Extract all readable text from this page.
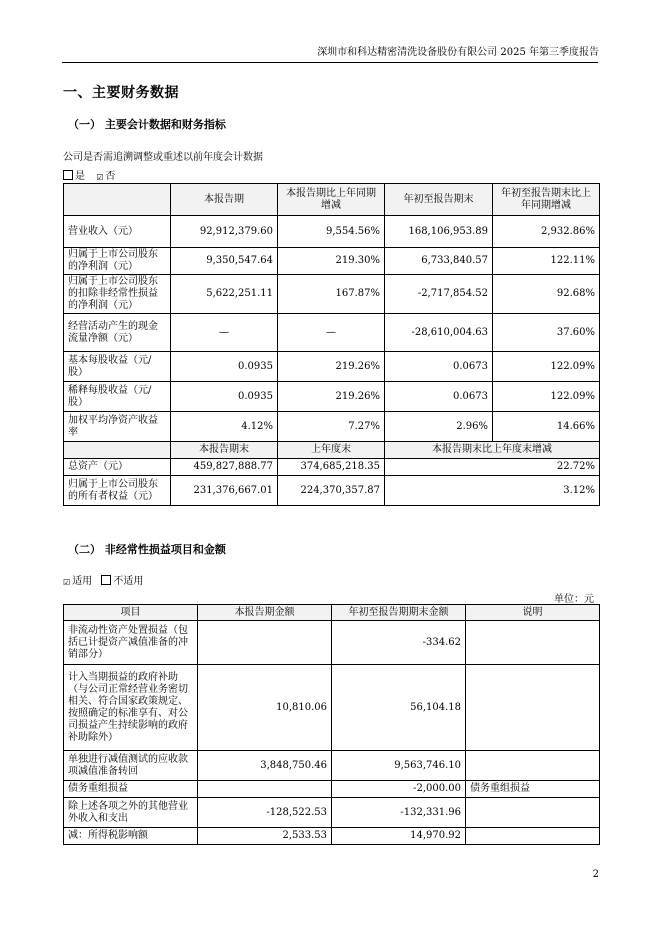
深圳市和科达精密清洗设备股份有限公司 2025 年第三季度报告
一、主要财务数据
（一） 主要会计数据和财务指标
公司是否需追溯调整或重述以前年度会计数据
是 ☑ 否
	本报告期	本报告期比上年同期增减	年初至报告期末	年初至报告期末比上年同期增减
营业收入（元）	92,912,379.60	9,554.56%	168,106,953.89	2,932.86%
归属于上市公司股东的净利润（元）	9,350,547.64	219.30%	6,733,840.57	122.11%
归属于上市公司股东的扣除非经常性损益的净利润（元）	5,622,251.11	167.87%	-2,717,854.52	92.68%
经营活动产生的现金流量净额（元）	—	—	-28,610,004.63	37.60%
基本每股收益（元/股）	0.0935	219.26%	0.0673	122.09%
稀释每股收益（元/股）	0.0935	219.26%	0.0673	122.09%
加权平均净资产收益率	4.12%	7.27%	2.96%	14.66%
	本报告期末	上年度末	本报告期末比上年度末增减	
总资产（元）	459,827,888.77	374,685,218.35	22.72%	
归属于上市公司股东的所有者权益（元）	231,376,667.01	224,370,357.87	3.12%	
（二） 非经常性损益项目和金额
☑ 适用 不适用
单位：元
项目	本报告期金额	年初至报告期期末金额	说明
非流动性资产处置损益（包括已计提资产减值准备的冲销部分）		-334.62	
计入当期损益的政府补助（与公司正常经营业务密切相关、符合国家政策规定、按照确定的标准享有、对公司损益产生持续影响的政府补助除外）	10,810.06	56,104.18	
单独进行减值测试的应收款项减值准备转回	3,848,750.46	9,563,746.10	
债务重组损益		-2,000.00	债务重组损益
除上述各项之外的其他营业外收入和支出	-128,522.53	-132,331.96	
减：所得税影响额	2,533.53	14,970.92	
2
